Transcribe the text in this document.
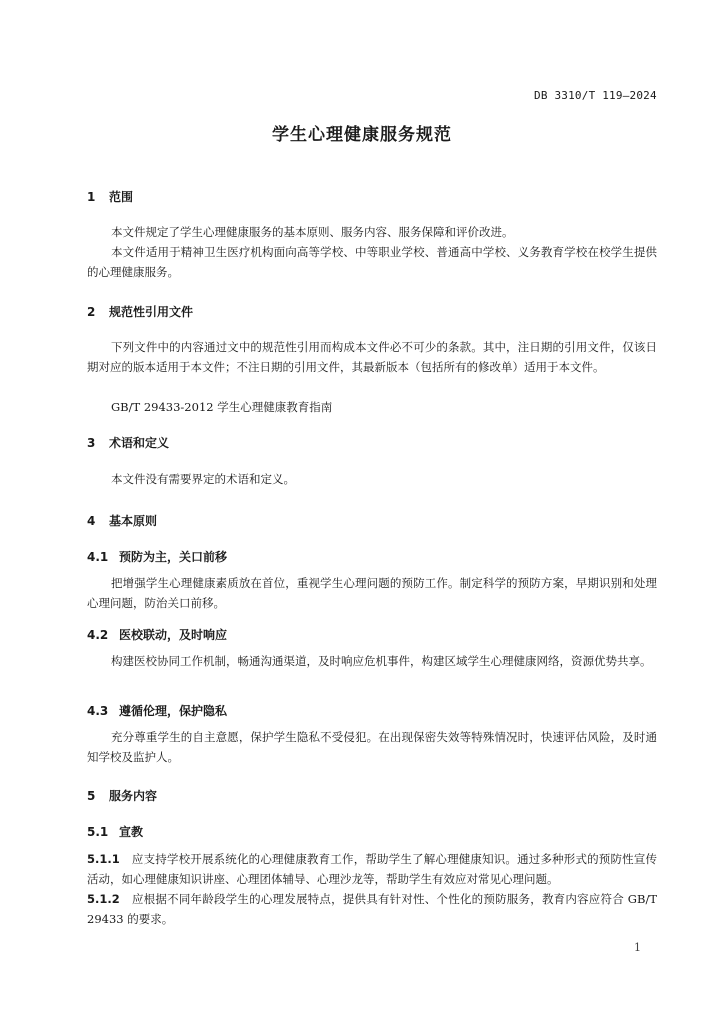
DB 3310/T 119—2024
学生心理健康服务规范
1 范围
本文件规定了学生心理健康服务的基本原则、服务内容、服务保障和评价改进。
本文件适用于精神卫生医疗机构面向高等学校、中等职业学校、普通高中学校、义务教育学校在校学生提供的心理健康服务。
2 规范性引用文件
下列文件中的内容通过文中的规范性引用而构成本文件必不可少的条款。其中，注日期的引用文件，仅该日期对应的版本适用于本文件；不注日期的引用文件，其最新版本（包括所有的修改单）适用于本文件。
GB/T 29433-2012 学生心理健康教育指南
3 术语和定义
本文件没有需要界定的术语和定义。
4 基本原则
4.1 预防为主，关口前移
把增强学生心理健康素质放在首位，重视学生心理问题的预防工作。制定科学的预防方案，早期识别和处理心理问题，防治关口前移。
4.2 医校联动，及时响应
构建医校协同工作机制，畅通沟通渠道，及时响应危机事件，构建区域学生心理健康网络，资源优势共享。
4.3 遵循伦理，保护隐私
充分尊重学生的自主意愿，保护学生隐私不受侵犯。在出现保密失效等特殊情况时，快速评估风险，及时通知学校及监护人。
5 服务内容
5.1 宣教
5.1.1 应支持学校开展系统化的心理健康教育工作，帮助学生了解心理健康知识。通过多种形式的预防性宣传活动，如心理健康知识讲座、心理团体辅导、心理沙龙等，帮助学生有效应对常见心理问题。
5.1.2 应根据不同年龄段学生的心理发展特点，提供具有针对性、个性化的预防服务，教育内容应符合 GB/T 29433 的要求。
1
